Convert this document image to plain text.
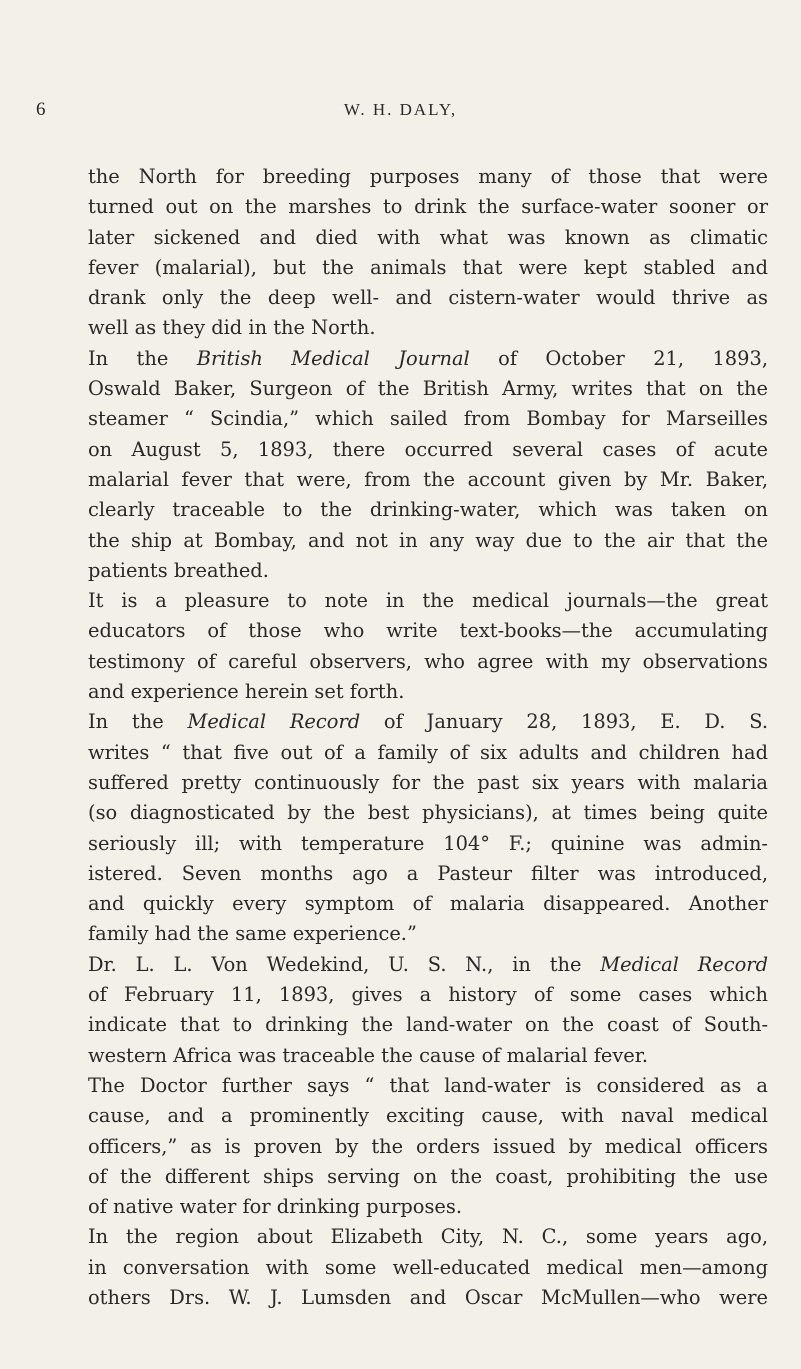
6	W. H. DALY,
the North for breeding purposes many of those that were
turned out on the marshes to drink the surface-water sooner or
later sickened and died with what was known as climatic
fever (malarial), but the animals that were kept stabled and
drank only the deep well- and cistern-water would thrive as
well as they did in the North.
In the British Medical Journal of October 21, 1893,
Oswald Baker, Surgeon of the British Army, writes that on the
steamer “ Scindia,” which sailed from Bombay for Marseilles
on August 5, 1893, there occurred several cases of acute
malarial fever that were, from the account given by Mr. Baker,
clearly traceable to the drinking-water, which was taken on
the ship at Bombay, and not in any way due to the air that the
patients breathed.
It is a pleasure to note in the medical journals—the great
educators of those who write text-books—the accumulating
testimony of careful observers, who agree with my observations
and experience herein set forth.
In the Medical Record of January 28, 1893, E. D. S.
writes “ that five out of a family of six adults and children had
suffered pretty continuously for the past six years with malaria
(so diagnosticated by the best physicians), at times being quite
seriously ill; with temperature 104° F.; quinine was admin-
istered. Seven months ago a Pasteur filter was introduced,
and quickly every symptom of malaria disappeared. Another
family had the same experience.”
Dr. L. L. Von Wedekind, U. S. N., in the Medical Record
of February 11, 1893, gives a history of some cases which
indicate that to drinking the land-water on the coast of South-
western Africa was traceable the cause of malarial fever.
The Doctor further says “ that land-water is considered as a
cause, and a prominently exciting cause, with naval medical
officers,” as is proven by the orders issued by medical officers
of the different ships serving on the coast, prohibiting the use
of native water for drinking purposes.
In the region about Elizabeth City, N. C., some years ago,
in conversation with some well-educated medical men—among
others Drs. W. J. Lumsden and Oscar McMullen—who were
